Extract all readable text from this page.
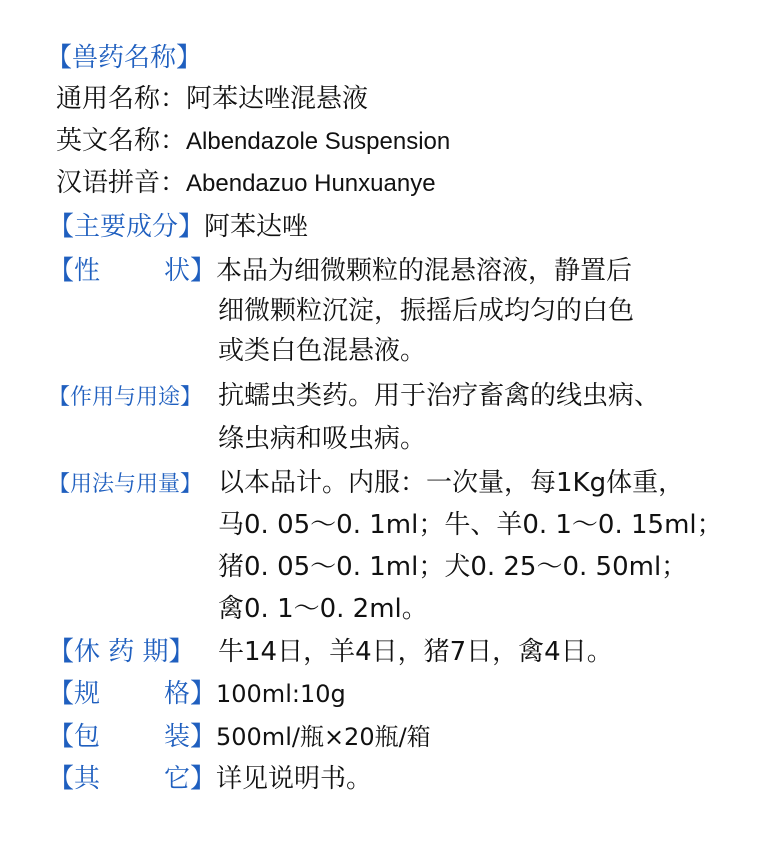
【兽药名称】
通用名称：阿苯达唑混悬液
英文名称：Albendazole Suspension
汉语拼音：Abendazuo Hunxuanye
【主要成分】阿苯达唑
【性 状】 本品为细微颗粒的混悬溶液，静置后
细微颗粒沉淀，振摇后成均匀的白色
或类白色混悬液。
【作用与用途】 抗蠕虫类药。用于治疗畜禽的线虫病、
绦虫病和吸虫病。
【用法与用量】 以本品计。内服：一次量，每1Kg体重，
马0. 05～0. 1ml；牛、羊0. 1～0. 15ml；
猪0. 05～0. 1ml；犬0. 25～0. 50ml；
禽0. 1～0. 2ml。
【休 药 期】 牛14日，羊4日，猪7日，禽4日。
【规 格】 100ml:10g
【包 装】 500ml/瓶×20瓶/箱
【其 它】 详见说明书。
